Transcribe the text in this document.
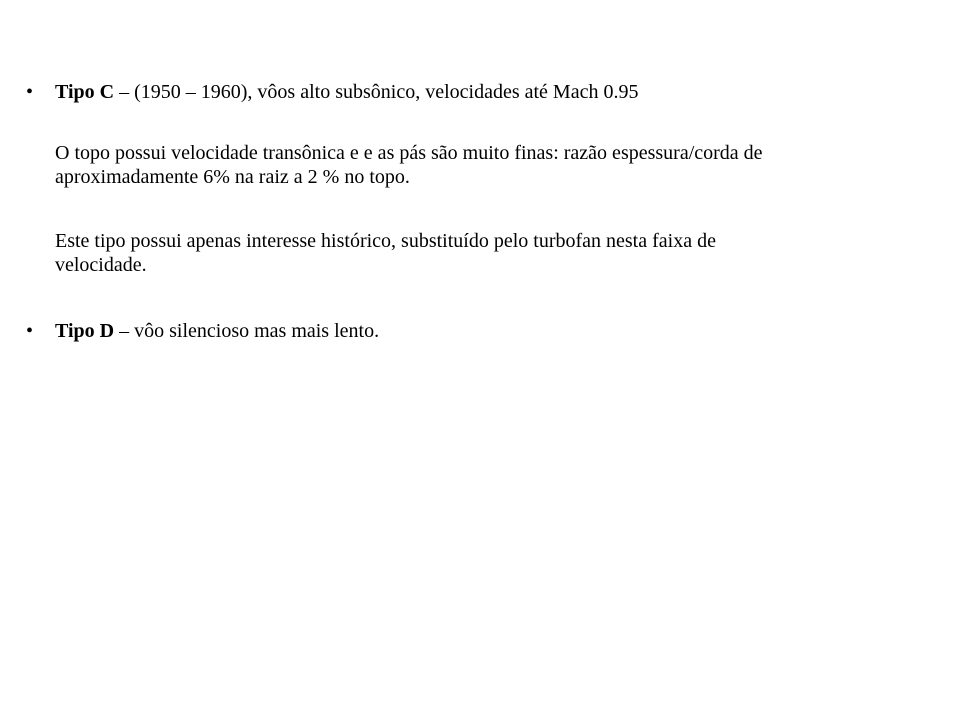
•	Tipo C – (1950 – 1960), vôos alto subsônico, velocidades até Mach 0.95
O topo possui velocidade transônica e e as pás são muito finas: razão espessura/corda de
aproximadamente 6% na raiz a 2 % no topo.
Este tipo possui apenas interesse histórico, substituído pelo turbofan nesta faixa de
velocidade.
•	Tipo D – vôo silencioso mas mais lento.
